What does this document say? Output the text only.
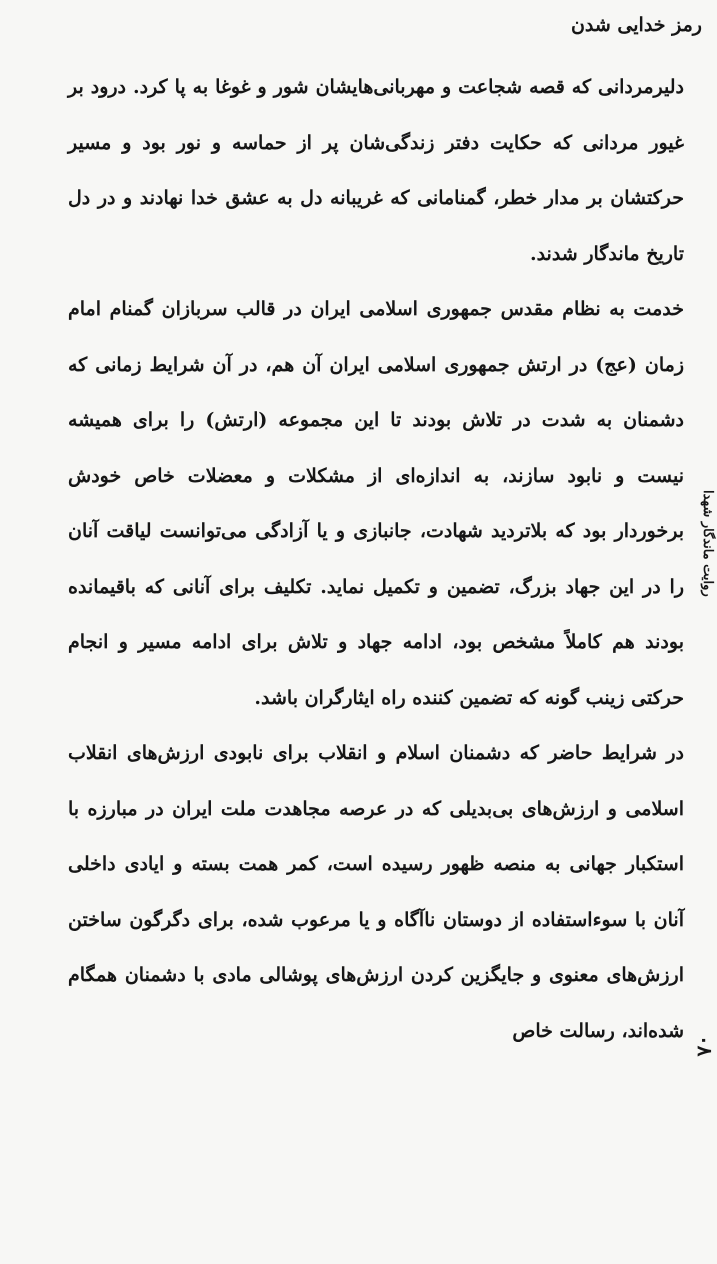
رمز خدایی شدن

دلیرمردانی که قصه شجاعت و مهربانی‌هایشان شور و غوغا به پا کرد. درود بر غیور مردانی که حکایت دفتر زندگی‌شان پر از حماسه و نور بود و مسیر حرکتشان بر مدار خطر، گمنامانی که غریبانه دل به عشق خدا نهادند و در دل تاریخ ماندگار شدند.

خدمت به نظام مقدس جمهوری اسلامی ایران در قالب سربازان گمنام امام زمان (عج) در ارتش جمهوری اسلامی ایران آن هم، در آن شرایط زمانی که دشمنان به شدت در تلاش بودند تا این مجموعه (ارتش) را برای همیشه نیست و نابود سازند، به اندازه‌ای از مشکلات و معضلات خاص خودش برخوردار بود که بلاتردید شهادت، جانبازی و یا آزادگی می‌توانست لیاقت آنان را در این جهاد بزرگ، تضمین و تکمیل نماید. تکلیف برای آنانی که باقیمانده بودند هم کاملاً مشخص بود، ادامه جهاد و تلاش برای ادامه مسیر و انجام حرکتی زینب گونه که تضمین کننده راه ایثارگران باشد.

در شرایط حاضر که دشمنان اسلام و انقلاب برای نابودی ارزش‌های انقلاب اسلامی و ارزش‌های بی‌بدیلی که در عرصه مجاهدت ملت ایران در مبارزه با استکبار جهانی به منصه ظهور رسیده است، کمر همت بسته و ایادی داخلی آنان با سوءاستفاده از دوستان ناآگاه و یا مرعوب شده، برای دگرگون ساختن ارزش‌های معنوی و جایگزین کردن ارزش‌های پوشالی مادی با دشمنان همگام شده‌اند، رسالت خاص

روایت ماندگار شهدا
۰۸
